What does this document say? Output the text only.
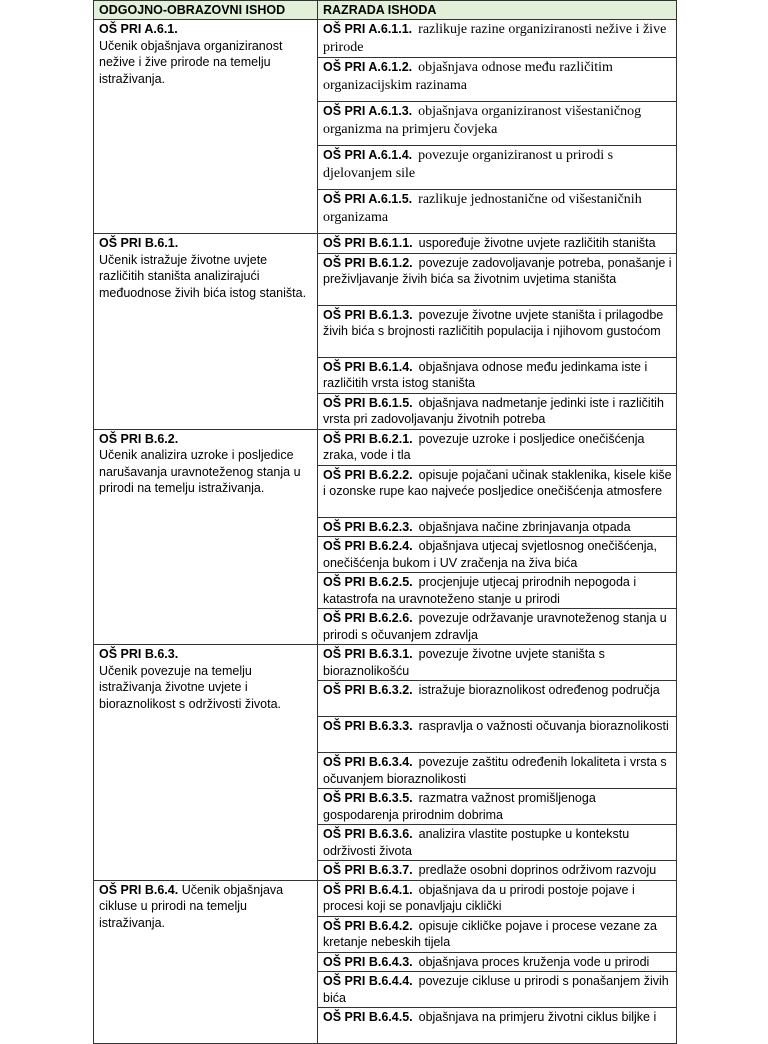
ODGOJNO-OBRAZOVNI ISHOD	RAZRADA ISHODA
OŠ PRI A.6.1.
Učenik objašnjava organiziranost nežive i žive prirode na temelju istraživanja.	OŠ PRI A.6.1.1. razlikuje razine organiziranosti nežive i žive prirode
	OŠ PRI A.6.1.2. objašnjava odnose među različitim organizacijskim razinama
	OŠ PRI A.6.1.3. objašnjava organiziranost višestaničnog organizma na primjeru čovjeka
	OŠ PRI A.6.1.4. povezuje organiziranost u prirodi s djelovanjem sile
	OŠ PRI A.6.1.5. razlikuje jednostanične od višestaničnih organizama
OŠ PRI B.6.1.
Učenik istražuje životne uvjete različitih staništa analizirajući međuodnose živih bića istog staništa.	OŠ PRI B.6.1.1. uspoređuje životne uvjete različitih staništa
	OŠ PRI B.6.1.2. povezuje zadovoljavanje potreba, ponašanje i preživljavanje živih bića sa životnim uvjetima staništa
	OŠ PRI B.6.1.3. povezuje životne uvjete staništa i prilagodbe živih bića s brojnosti različitih populacija i njihovom gustoćom
	OŠ PRI B.6.1.4. objašnjava odnose među jedinkama iste i različitih vrsta istog staništa
	OŠ PRI B.6.1.5. objašnjava nadmetanje jedinki iste i različitih vrsta pri zadovoljavanju životnih potreba
OŠ PRI B.6.2.
Učenik analizira uzroke i posljedice narušavanja uravnoteženog stanja u prirodi na temelju istraživanja.	OŠ PRI B.6.2.1. povezuje uzroke i posljedice onečišćenja zraka, vode i tla
	OŠ PRI B.6.2.2. opisuje pojačani učinak staklenika, kisele kiše i ozonske rupe kao najveće posljedice onečišćenja atmosfere
	OŠ PRI B.6.2.3. objašnjava načine zbrinjavanja otpada
	OŠ PRI B.6.2.4. objašnjava utjecaj svjetlosnog onečišćenja, onečišćenja bukom i UV zračenja na živa bića
	OŠ PRI B.6.2.5. procjenjuje utjecaj prirodnih nepogoda i katastrofa na uravnoteženo stanje u prirodi
	OŠ PRI B.6.2.6. povezuje održavanje uravnoteženog stanja u prirodi s očuvanjem zdravlja
OŠ PRI B.6.3.
Učenik povezuje na temelju istraživanja životne uvjete i bioraznolikost s održivosti života.	OŠ PRI B.6.3.1. povezuje životne uvjete staništa s bioraznolikošću
	OŠ PRI B.6.3.2. istražuje bioraznolikost određenog područja
	OŠ PRI B.6.3.3. raspravlja o važnosti očuvanja bioraznolikosti
	OŠ PRI B.6.3.4. povezuje zaštitu određenih lokaliteta i vrsta s očuvanjem bioraznolikosti
	OŠ PRI B.6.3.5. razmatra važnost promišljenoga gospodarenja prirodnim dobrima
	OŠ PRI B.6.3.6. analizira vlastite postupke u kontekstu održivosti života
	OŠ PRI B.6.3.7. predlaže osobni doprinos održivom razvoju
OŠ PRI B.6.4. Učenik objašnjava cikluse u prirodi na temelju istraživanja.	OŠ PRI B.6.4.1. objašnjava da u prirodi postoje pojave i procesi koji se ponavljaju ciklički
	OŠ PRI B.6.4.2. opisuje cikličke pojave i procese vezane za kretanje nebeskih tijela
	OŠ PRI B.6.4.3. objašnjava proces kruženja vode u prirodi
	OŠ PRI B.6.4.4. povezuje cikluse u prirodi s ponašanjem živih bića
	OŠ PRI B.6.4.5. objašnjava na primjeru životni ciklus biljke i
